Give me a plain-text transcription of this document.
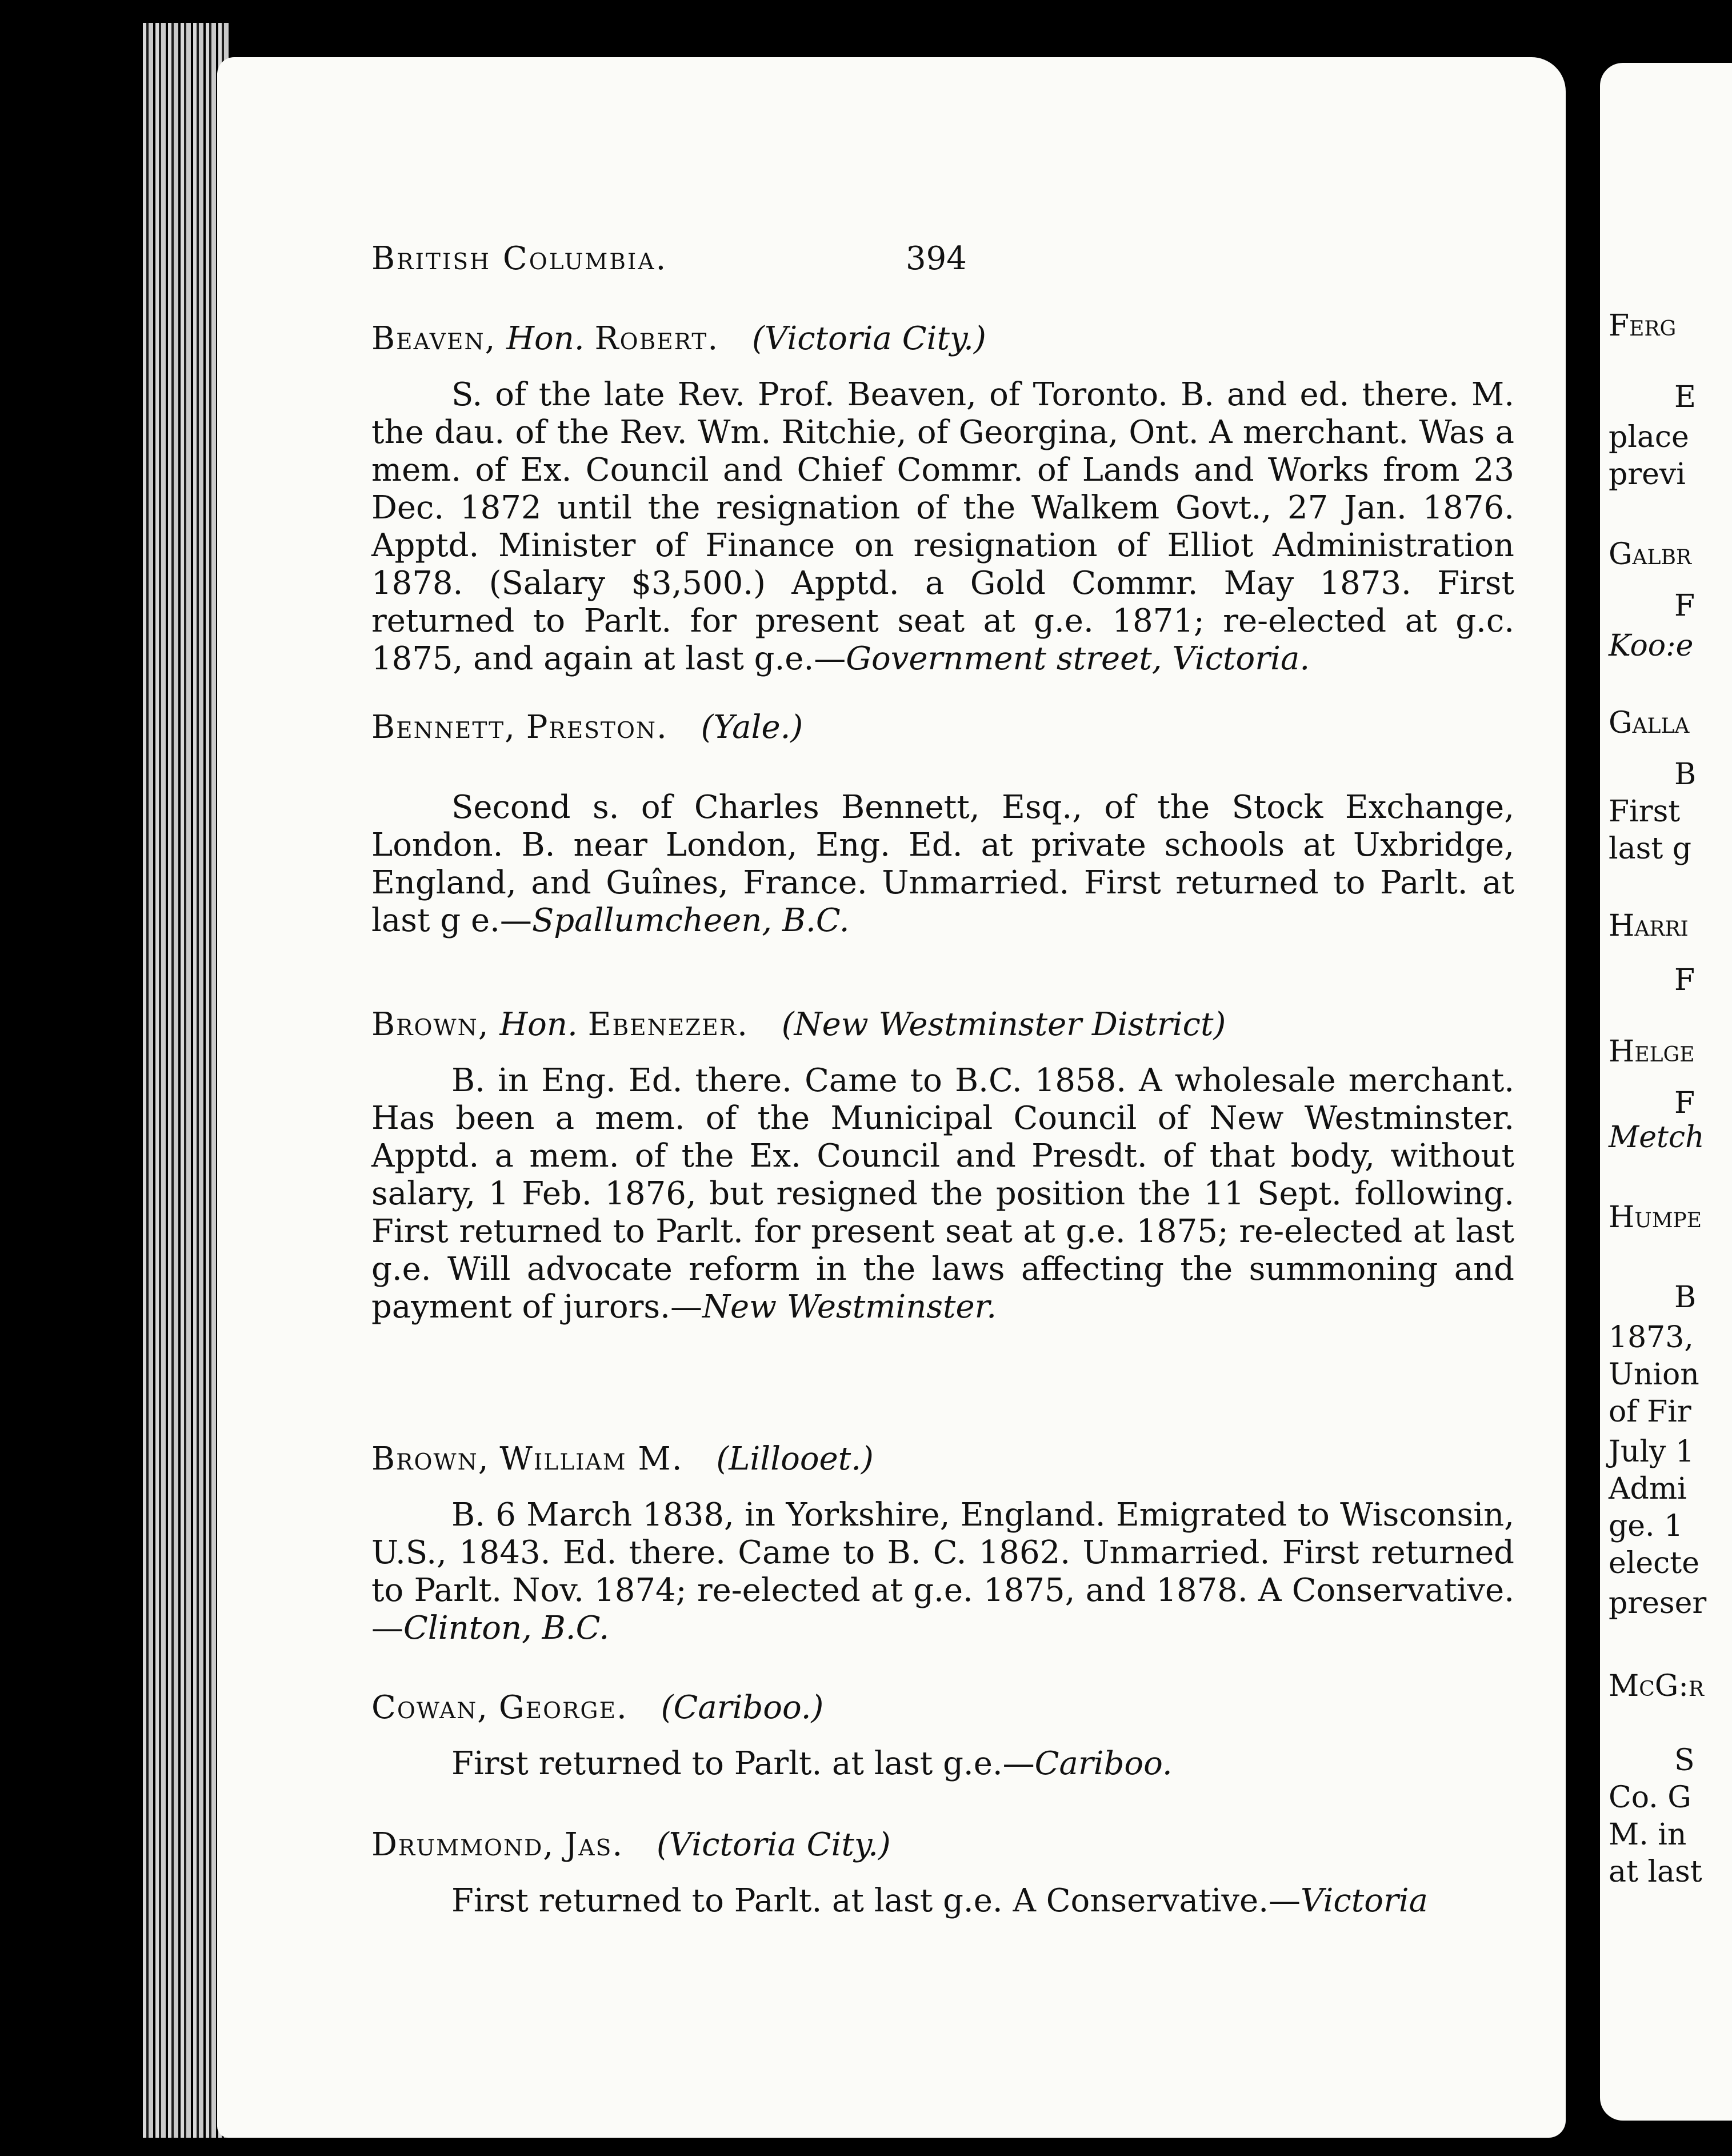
British Columbia.	394
Beaven, Hon. Robert. (Victoria City.)
S. of the late Rev. Prof. Beaven, of Toronto. B. and ed. there. M. the dau. of the Rev. Wm. Ritchie, of Georgina, Ont. A merchant. Was a mem. of Ex. Council and Chief Commr. of Lands and Works from 23 Dec. 1872 until the resignation of the Walkem Govt., 27 Jan. 1876. Apptd. Minister of Finance on resignation of Elliot Administration 1878. (Salary $3,500.) Apptd. a Gold Commr. May 1873. First returned to Parlt. for present seat at g.e. 1871; re-elected at g.c. 1875, and again at last g.e.—Government street, Victoria.
Bennett, Preston. (Yale.)
Second s. of Charles Bennett, Esq., of the Stock Exchange, London. B. near London, Eng. Ed. at private schools at Uxbridge, England, and Guînes, France. Unmarried. First returned to Parlt. at last g e.—Spallumcheen, B.C.
Brown, Hon. Ebenezer. (New Westminster District)
B. in Eng. Ed. there. Came to B.C. 1858. A wholesale merchant. Has been a mem. of the Municipal Council of New Westminster. Apptd. a mem. of the Ex. Council and Presdt. of that body, without salary, 1 Feb. 1876, but resigned the position the 11 Sept. following. First returned to Parlt. for present seat at g.e. 1875; re-elected at last g.e. Will advocate reform in the laws affecting the summoning and payment of jurors.—New Westminster.
Brown, William M. (Lillooet.)
B. 6 March 1838, in Yorkshire, England. Emigrated to Wisconsin, U.S., 1843. Ed. there. Came to B. C. 1862. Unmarried. First returned to Parlt. Nov. 1874; re-elected at g.e. 1875, and 1878. A Conservative.—Clinton, B.C.
Cowan, George. (Cariboo.)
First returned to Parlt. at last g.e.—Cariboo.
Drummond, Jas. (Victoria City.)
First returned to Parlt. at last g.e. A Conservative.—Victoria
Ferg
E
place
previ
Galbr
F
Koo:e
Galla
B
First
last g
Harri
F
Helge
F
Metch
Humpe
B
1873,
Union
of Fir
July 1
Admi
ge. 1
electe
preser
McG:r
S
Co. G
M. in
at last
